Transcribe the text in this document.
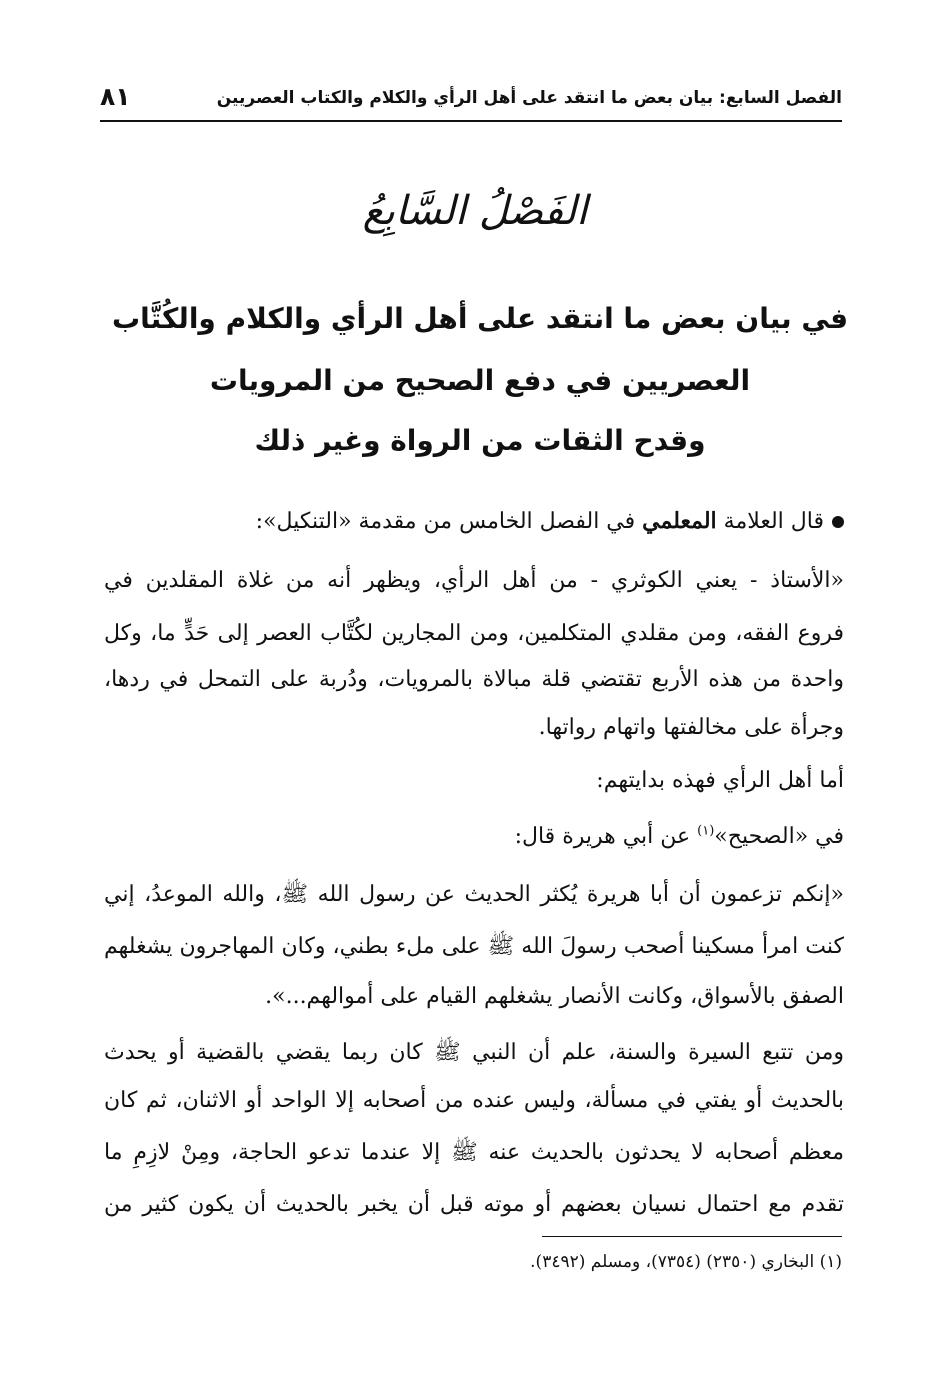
الفصل السابع: بيان بعض ما انتقد على أهل الرأي والكلام والكتاب العصريين
٨١
الفَصْلُ السَّابِعُ
في بيان بعض ما انتقد على أهل الرأي والكلام والكُتَّاب
العصريين في دفع الصحيح من المرويات
وقدح الثقات من الرواة وغير ذلك
قال العلامة المعلمي في الفصل الخامس من مقدمة «التنكيل»:
«الأستاذ - يعني الكوثري - من أهل الرأي، ويظهر أنه من غلاة المقلدين في
فروع الفقه، ومن مقلدي المتكلمين، ومن المجارين لكُتَّاب العصر إلى حَدٍّ ما، وكل
واحدة من هذه الأربع تقتضي قلة مبالاة بالمرويات، ودُربة على التمحل في ردها،
وجرأة على مخالفتها واتهام رواتها.
أما أهل الرأي فهذه بدايتهم:
في «الصحيح»$^{(١)}$ عن أبي هريرة قال:
«إنكم تزعمون أن أبا هريرة يُكثر الحديث عن رسول الله ﷺ، والله الموعدُ، إني
كنت امرأ مسكينا أصحب رسولَ الله ﷺ على ملء بطني، وكان المهاجرون يشغلهم
الصفق بالأسواق، وكانت الأنصار يشغلهم القيام على أموالهم...».
ومن تتبع السيرة والسنة، علم أن النبي ﷺ كان ربما يقضي بالقضية أو يحدث
بالحديث أو يفتي في مسألة، وليس عنده من أصحابه إلا الواحد أو الاثنان، ثم كان
معظم أصحابه لا يحدثون بالحديث عنه ﷺ إلا عندما تدعو الحاجة، ومِنْ لازِمِ ما
تقدم مع احتمال نسيان بعضهم أو موته قبل أن يخبر بالحديث أن يكون كثير من
(١) البخاري (٢٣٥٠) (٧٣٥٤)، ومسلم (٣٤٩٢).
